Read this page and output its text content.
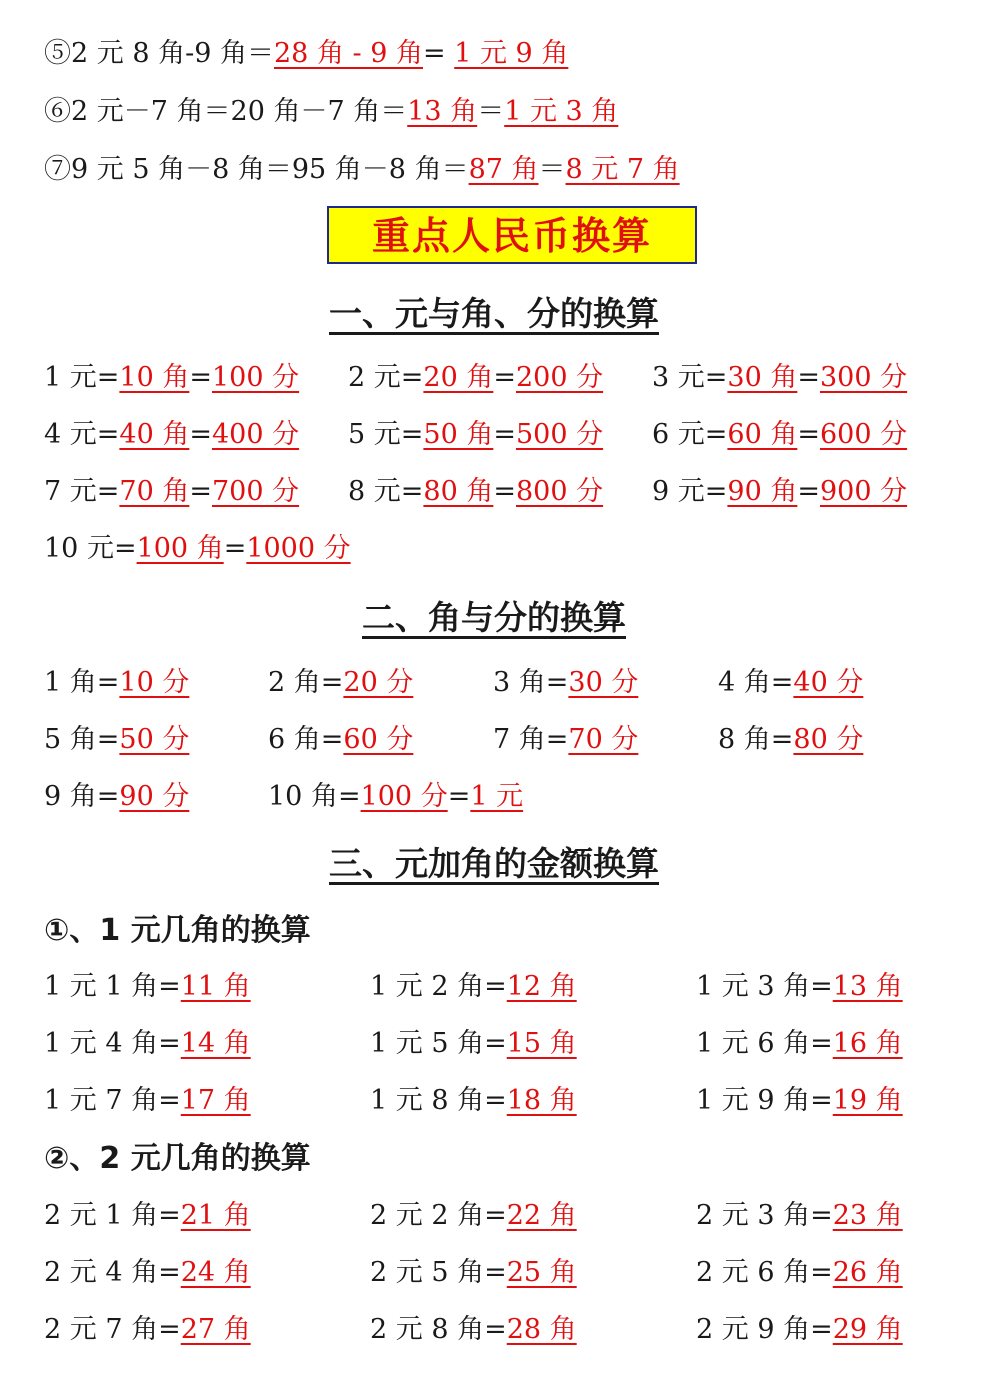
⑤2 元 8 角-9 角＝28 角 - 9 角= 1 元 9 角
⑥2 元－7 角＝20 角－7 角＝13 角＝1 元 3 角
⑦9 元 5 角－8 角＝95 角－8 角＝87 角＝8 元 7 角
重点人民币换算
一、元与角、分的换算
1 元 = 10 角=100 分 2 元 = 20 角=200 分 3 元 = 30 角=300 分
4 元 = 40 角=400 分 5 元 = 50 角=500 分 6 元 = 60 角=600 分
7 元 = 70 角=700 分 8 元 = 80 角=800 分 9 元 = 90 角=900 分
10 元 = 100 角=1000 分
二、角与分的换算
1 角 = 10 分	2 角 = 20 分	3 角 = 30 分	4 角 = 40 分
5 角 = 50 分	6 角 = 60 分	7 角 = 70 分	8 角 = 80 分
9 角 = 90 分	10 角 = 100 分=1 元
三、元加角的金额换算
①、1 元几角的换算
1 元 1 角 = 11 角	1 元 2 角 = 12 角	1 元 3 角 = 13 角
1 元 4 角 = 14 角	1 元 5 角 = 15 角	1 元 6 角 = 16 角
1 元 7 角 = 17 角	1 元 8 角 = 18 角	1 元 9 角 = 19 角
②、2 元几角的换算
2 元 1 角 = 21 角	2 元 2 角 = 22 角	2 元 3 角 = 23 角
2 元 4 角 = 24 角	2 元 5 角 = 25 角	2 元 6 角 = 26 角
2 元 7 角 = 27 角	2 元 8 角 = 28 角	2 元 9 角 = 29 角
